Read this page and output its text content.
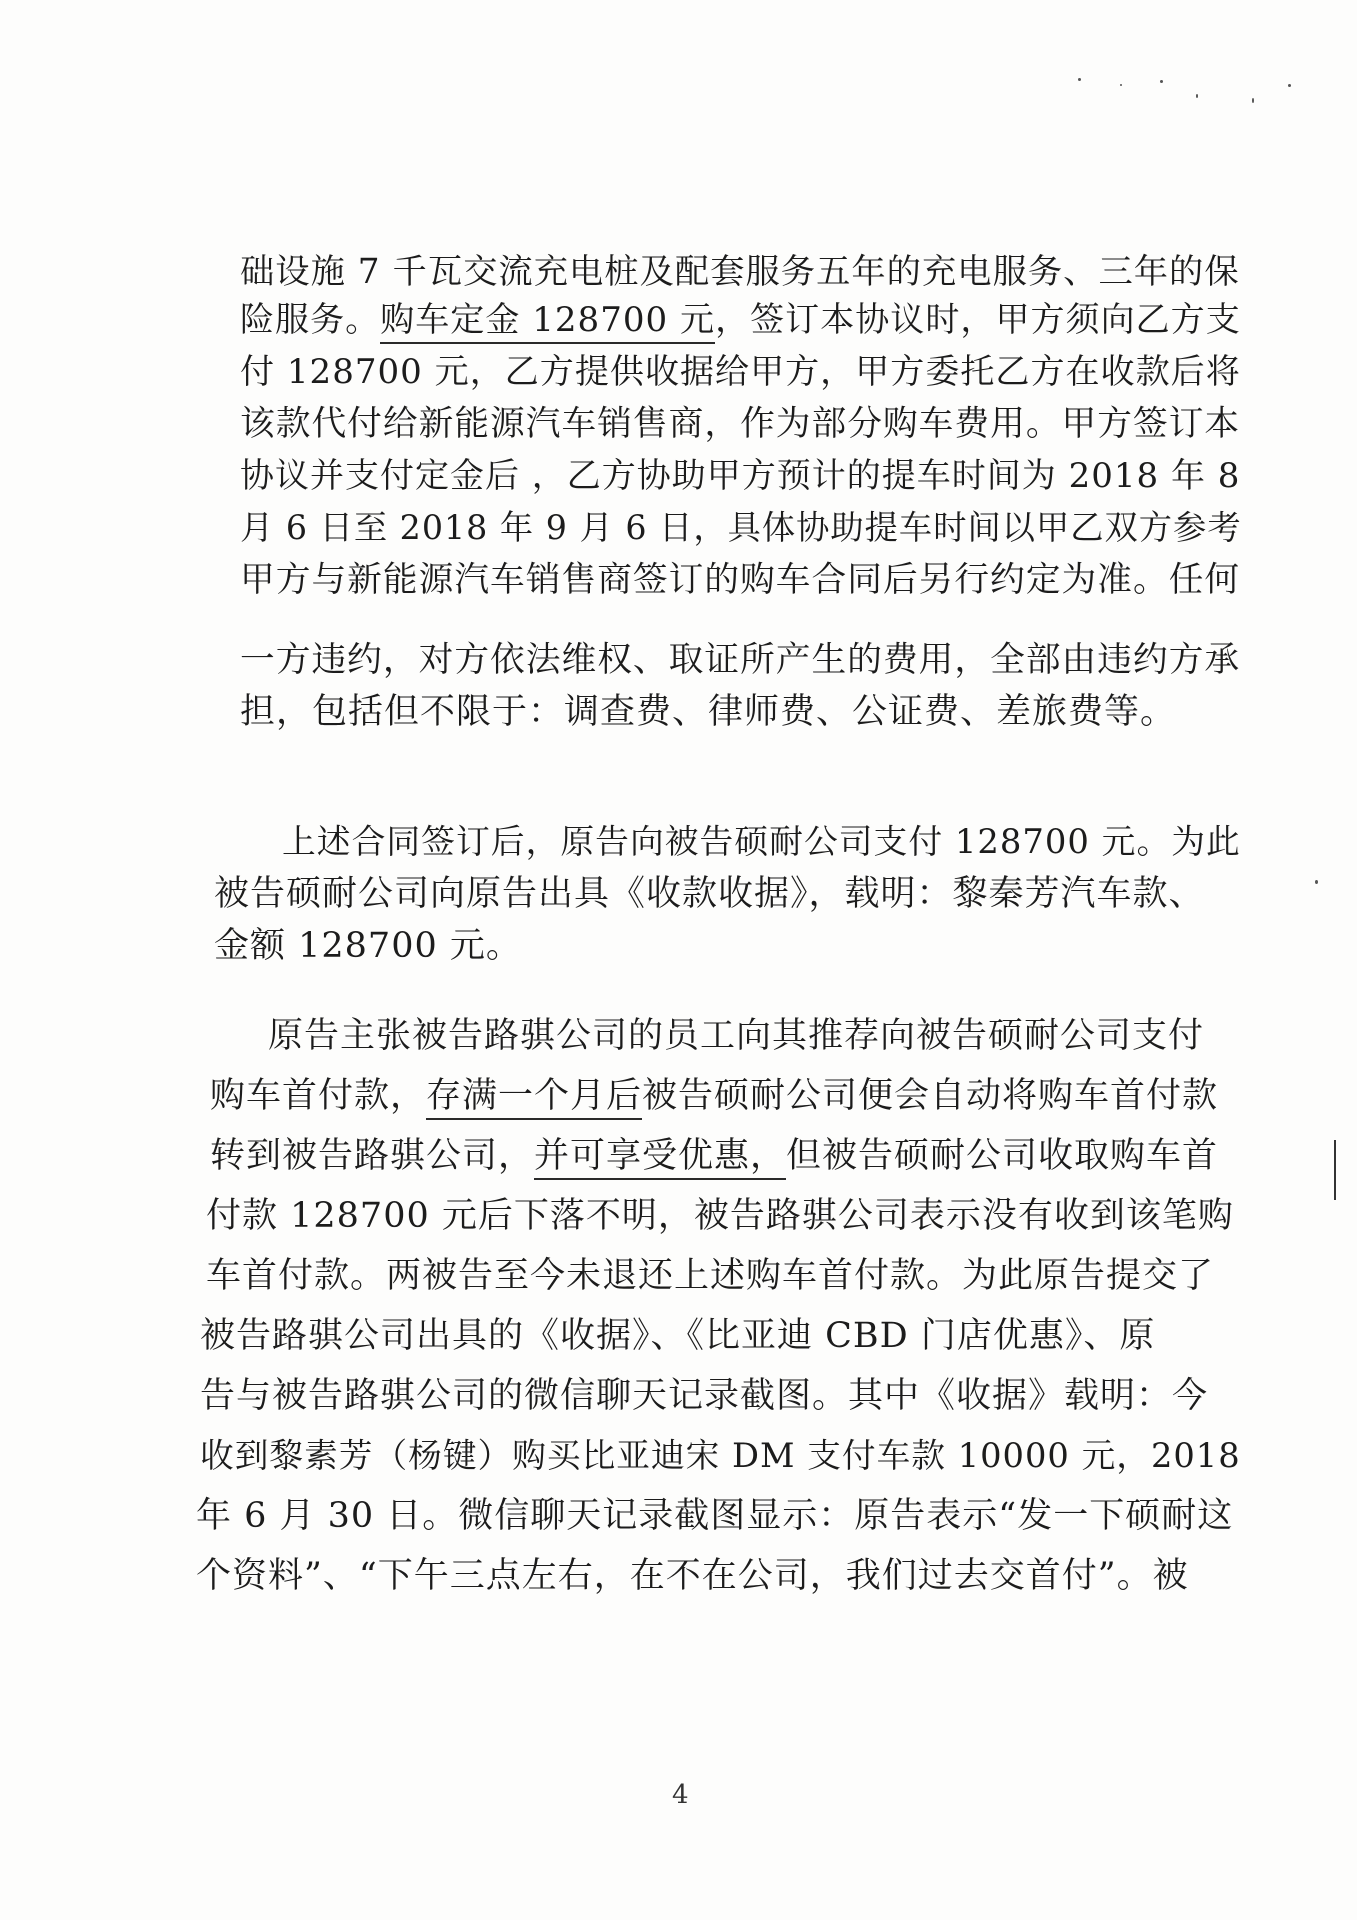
础设施 7 千瓦交流充电桩及配套服务五年的充电服务、三年的保
险服务。购车定金 128700 元，签订本协议时，甲方须向乙方支
付 128700 元，乙方提供收据给甲方，甲方委托乙方在收款后将
该款代付给新能源汽车销售商，作为部分购车费用。甲方签订本
协议并支付定金后 ，乙方协助甲方预计的提车时间为 2018 年 8
月 6 日至 2018 年 9 月 6 日，具体协助提车时间以甲乙双方参考
甲方与新能源汽车销售商签订的购车合同后另行约定为准。任何
一方违约，对方依法维权、取证所产生的费用，全部由违约方承
担，包括但不限于：调查费、律师费、公证费、差旅费等。
上述合同签订后，原告向被告硕耐公司支付 128700 元。为此
被告硕耐公司向原告出具《收款收据》，载明：黎秦芳汽车款、
金额 128700 元。
原告主张被告路骐公司的员工向其推荐向被告硕耐公司支付
购车首付款，存满一个月后被告硕耐公司便会自动将购车首付款
转到被告路骐公司，并可享受优惠，但被告硕耐公司收取购车首
付款 128700 元后下落不明，被告路骐公司表示没有收到该笔购
车首付款。两被告至今未退还上述购车首付款。为此原告提交了
被告路骐公司出具的《收据》、《比亚迪 CBD 门店优惠》、原
告与被告路骐公司的微信聊天记录截图。其中《收据》载明：今
收到黎素芳（杨键）购买比亚迪宋 DM 支付车款 10000 元，2018
年 6 月 30 日。微信聊天记录截图显示：原告表示“发一下硕耐这
个资料”、“下午三点左右，在不在公司，我们过去交首付”。被
4
